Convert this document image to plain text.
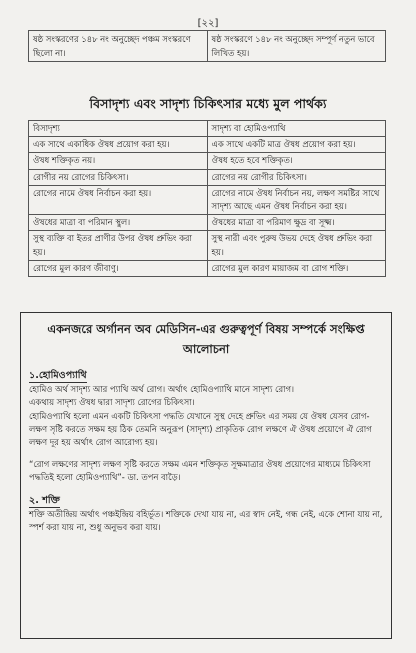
[২২]
ষষ্ঠ সংস্করণের ১৪৮ নং অনুচ্ছেদ পঞ্চম সংস্করণে ছিলো না।	ষষ্ঠ সংস্করণে ১৪৮ নং অনুচ্ছেদ সম্পূর্ণ নতুন ভাবে লিখিত হয়।
বিসাদৃশ্য এবং সাদৃশ্য চিকিৎসার মধ্যে মুল পার্থক্য
বিসাদৃশ্য	সাদৃশ্য বা হোমিওপ্যাথি
এক সাথে একাধিক ঔষধ প্রয়োগ করা হয়।	এক সাথে একটি মাত্র ঔষধ প্রয়োগ করা হয়।
ঔষধ শক্তিকৃত নয়।	ঔষধ হতে হবে শক্তিকৃত।
রোগীর নয় রোগের চিকিৎসা।	রোগের নয় রোগীর চিকিৎসা।
রোগের নামে ঔষধ নির্বাচন করা হয়।	রোগের নামে ঔষধ নির্বাচন নয়, লক্ষণ সমষ্টির সাথে সাদৃশ্য আছে এমন ঔষধ নির্বাচন করা হয়।
ঔষধের মাত্রা বা পরিমান স্থুল।	ঔষধের মাত্রা বা পরিমাণ ক্ষুদ্র বা সূক্ষ্ম।
সুস্থ ব্যক্তি বা ইতর প্রাণীর উপর ঔষধ প্রুভিং করা হয়।	সুস্থ নারী এবং পুরুষ উভয় দেহে ঔষধ প্রুভিং করা হয়।
রোগের মুল কারণ জীবাণু।	রোগের মুল কারণ মায়াজম বা রোগ শক্তি।
একনজরে অর্গানন অব মেডিসিন-এর গুরুত্বপূর্ণ বিষয় সম্পর্কে সংক্ষিপ্ত আলোচনা
১.হোমিওপ্যাথি

হোমিও অর্থ সাদৃশ্য আর প্যাথি অর্থ রোগ। অর্থাৎ হোমিওপ্যাথি মানে সাদৃশ্য রোগ।

একথায় সাদৃশ্য ঔষধ দ্বারা সাদৃশ্য রোগের চিকিৎসা।

হোমিওপ্যাথি হলো এমন একটি চিকিৎসা পদ্ধতি যেখানে সুস্থ দেহে প্রুভিং এর সময় যে ঔষধ যেসব রোগ-লক্ষণ সৃষ্টি করতে সক্ষম হয় ঠিক তেমনি অনুরূপ (সাদৃশ্য) প্রাকৃতিক রোগ লক্ষণে ঐ ঔষধ প্রয়োগে ঐ রোগ লক্ষণ দূর হয় অর্থাৎ রোগ আরোগ্য হয়।

“রোগ লক্ষণের সাদৃশ্য লক্ষণ সৃষ্টি করতে সক্ষম এমন শক্তিকৃত সূক্ষমাত্রার ঔষধ প্রয়োগের মাধ্যমে চিকিৎসা পদ্ধতিই হলো হোমিওপ্যাথি”- ডা. তপন বাড়ৈ।

২. শক্তি

শক্তি অতীন্দ্রিয় অর্থাৎ পঞ্চইন্দ্রিয় বহির্ভূত। শক্তিকে দেখা যায় না, এর স্বাদ নেই, গন্ধ নেই, একে শোনা যায় না, স্পর্শ করা যায় না, শুধু অনুভব করা যায়।
